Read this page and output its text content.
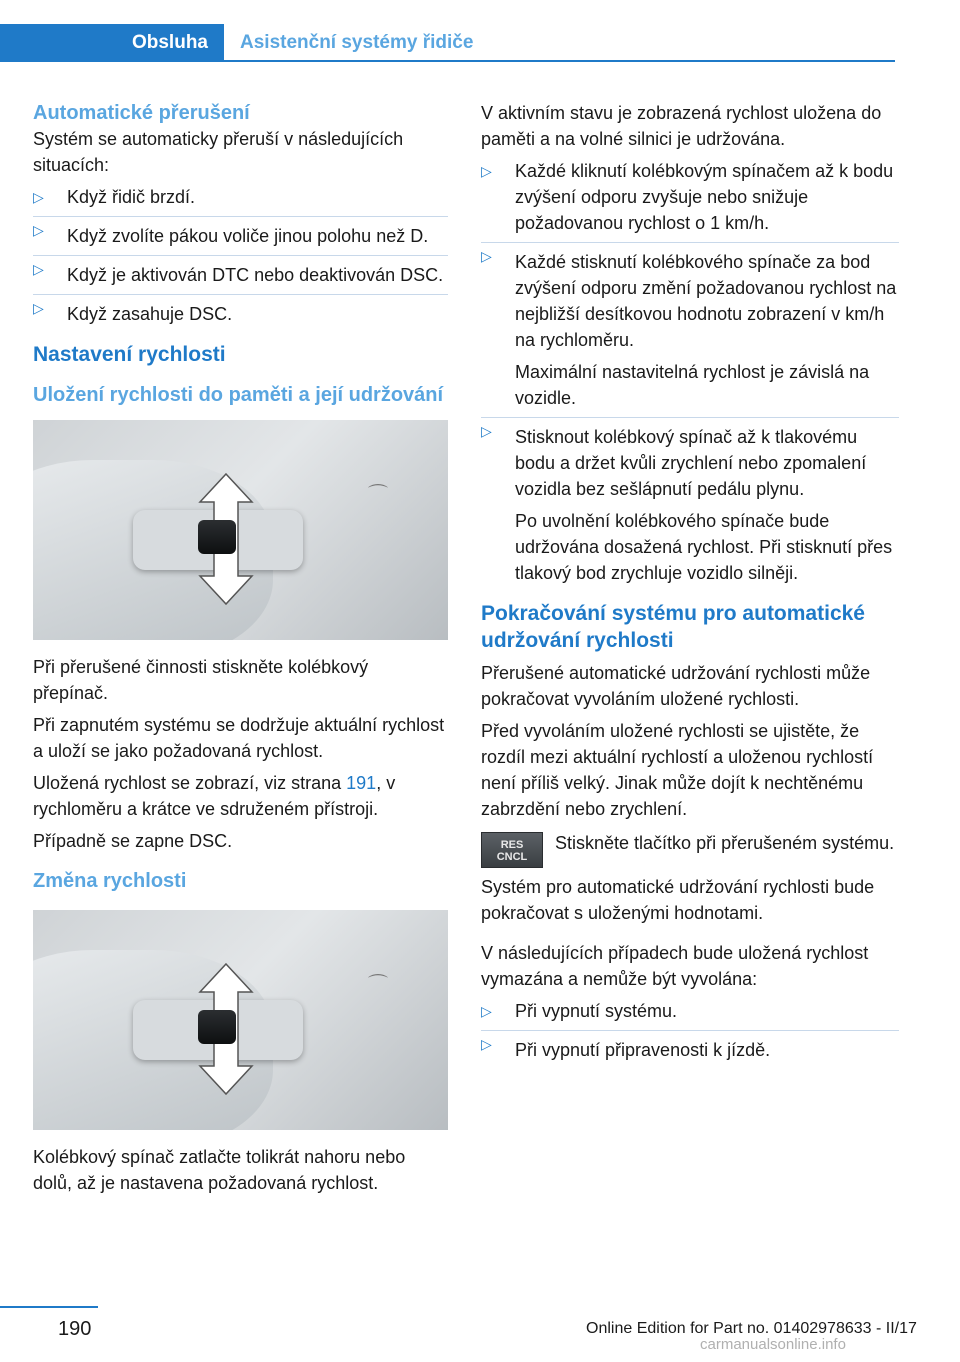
Obsluha	Asistenční systémy řidiče
Automatické přerušení

Systém se automaticky přeruší v následujících situacích:

▷ Když řidič brzdí.
▷ Když zvolíte pákou voliče jinou polohu než D.
▷ Když je aktivován DTC nebo deaktivován DSC.
▷ Když zasahuje DSC.
Nastavení rychlosti
Uložení rychlosti do paměti a její udržování
⌒

Při přerušené činnosti stiskněte kolébkový přepínač.

Při zapnutém systému se dodržuje aktuální rychlost a uloží se jako požadovaná rychlost.

Uložená rychlost se zobrazí, viz strana 191, v rychloměru a krátce ve sdruženém přístroji.

Případně se zapne DSC.

Změna rychlosti
⌒

Kolébkový spínač zatlačte tolikrát nahoru nebo dolů, až je nastavena požadovaná rychlost.

V aktivním stavu je zobrazená rychlost uložena do paměti a na volné silnici je udržována.

▷ Každé kliknutí kolébkovým spínačem až k bodu zvýšení odporu zvyšuje nebo snižuje požadovanou rychlost o 1 km/h.
▷ Každé stisknutí kolébkového spínače za bod zvýšení odporu změní požadovanou rychlost na nejbližší desítkovou hodnotu zobrazení v km/h na rychloměru.
Maximální nastavitelná rychlost je závislá na vozidle.
▷ Stisknout kolébkový spínač až k tlakovému bodu a držet kvůli zrychlení nebo zpomalení vozidla bez sešlápnutí pedálu plynu.
Po uvolnění kolébkového spínače bude udržována dosažená rychlost. Při stisknutí přes tlakový bod zrychluje vozidlo silněji.
Pokračování systému pro automatické udržování rychlosti

Přerušené automatické udržování rychlosti může pokračovat vyvoláním uložené rychlosti.

Před vyvoláním uložené rychlosti se ujistěte, že rozdíl mezi aktuální rychlostí a uloženou rychlostí není příliš velký. Jinak může dojít k nechtěnému zabrzdění nebo zrychlení.

RES
CNCL
Stiskněte tlačítko při přerušeném systému.

Systém pro automatické udržování rychlosti bude pokračovat s uloženými hodnotami.

V následujících případech bude uložená rychlost vymazána a nemůže být vyvolána:

▷ Při vypnutí systému.
▷ Při vypnutí připravenosti k jízdě.
190	Online Edition for Part no. 01402978633 - II/17
carmanualsonline.info
